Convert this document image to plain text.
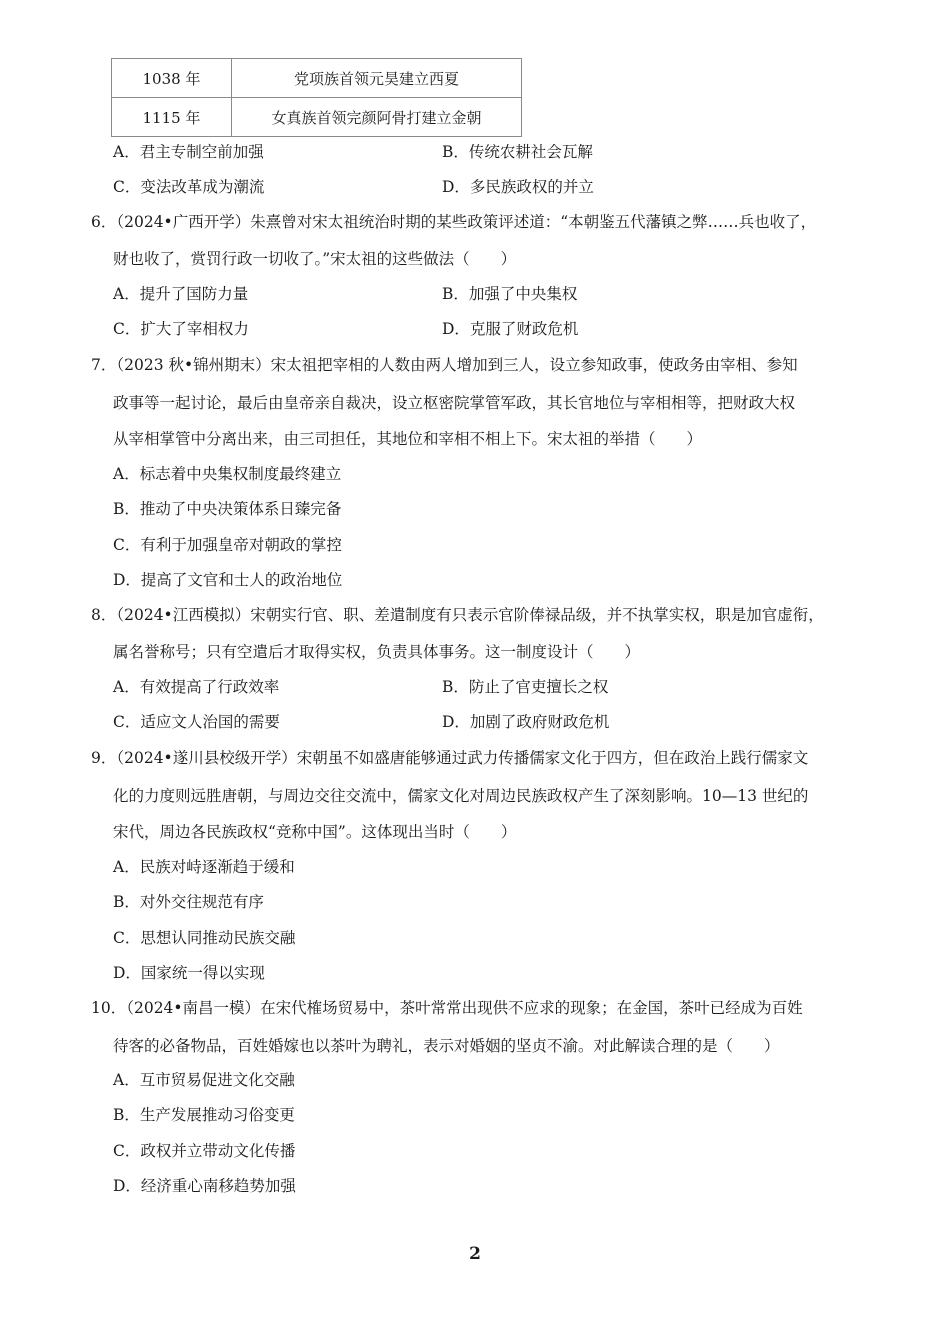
1038 年	党项族首领元昊建立西夏
1115 年	女真族首领完颜阿骨打建立金朝
A．君主专制空前加强	B．传统农耕社会瓦解
C．变法改革成为潮流	D．多民族政权的并立
6．（2024•广西开学）朱熹曾对宋太祖统治时期的某些政策评述道：“本朝鉴五代藩镇之弊……兵也收了，
财也收了，赏罚行政一切收了。”宋太祖的这些做法（　　）
A．提升了国防力量	B．加强了中央集权
C．扩大了宰相权力	D．克服了财政危机
7．（2023 秋•锦州期末）宋太祖把宰相的人数由两人增加到三人，设立参知政事，使政务由宰相、参知
政事等一起讨论，最后由皇帝亲自裁决，设立枢密院掌管军政，其长官地位与宰相相等，把财政大权
从宰相掌管中分离出来，由三司担任，其地位和宰相不相上下。宋太祖的举措（　　）
A．标志着中央集权制度最终建立
B．推动了中央决策体系日臻完备
C．有利于加强皇帝对朝政的掌控
D．提高了文官和士人的政治地位
8．（2024•江西模拟）宋朝实行官、职、差遣制度有只表示官阶俸禄品级，并不执掌实权，职是加官虚衔，
属名誉称号；只有空遣后才取得实权，负责具体事务。这一制度设计（　　）
A．有效提高了行政效率	B．防止了官吏擅长之权
C．适应文人治国的需要	D．加剧了政府财政危机
9．（2024•遂川县校级开学）宋朝虽不如盛唐能够通过武力传播儒家文化于四方，但在政治上践行儒家文
化的力度则远胜唐朝，与周边交往交流中，儒家文化对周边民族政权产生了深刻影响。10—13 世纪的
宋代，周边各民族政权“竞称中国”。这体现出当时（　　）
A．民族对峙逐渐趋于缓和
B．对外交往规范有序
C．思想认同推动民族交融
D．国家统一得以实现
10．（2024•南昌一模）在宋代榷场贸易中，茶叶常常出现供不应求的现象；在金国，茶叶已经成为百姓
待客的必备物品，百姓婚嫁也以茶叶为聘礼，表示对婚姻的坚贞不渝。对此解读合理的是（　　）
A．互市贸易促进文化交融
B．生产发展推动习俗变更
C．政权并立带动文化传播
D．经济重心南移趋势加强
2
